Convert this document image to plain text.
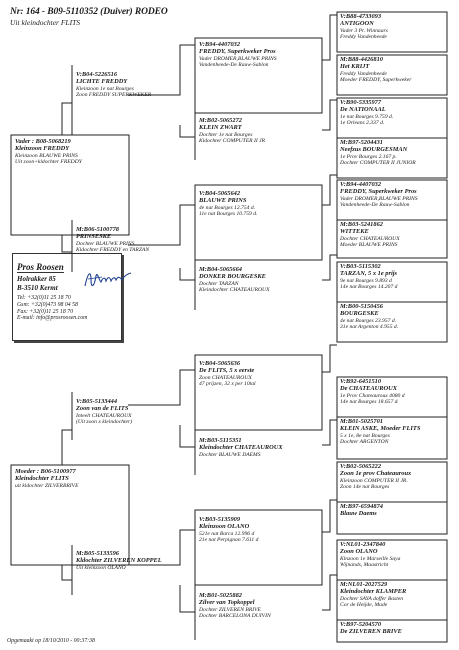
Nr: 164 - B09-5110352 (Duiver) RODEO
Uit kleindochter FLITS
Vader : B08-5068219
Kleinzoon FREDDY
Kleinzoon BLAUWE PRINS
Uit zoon+kldochter FREDDY
Moeder : B06-5100977
Kleindochter FLITS
uit kldochter ZILVERBRIVE
V:B04-5226516
LICHTE FREDDY
Kleinzoon 1e nat Bourges
Zoon FREDDY SUPERKWEKER
M:B06-5100778
PRINSESKE
Dochter BLAUWE PRINS
Kldochter FREDDY en TARZAN
V:B05-5133444
Zoon van de FLITS
Inteelt CHATEAUROUX
(Uit zoon x kleindochter)
M:B05-5133596
Kldochter ZILVEREN KOPPEL
Uit kleinzoon OLANO
V:B94-4407032
FREDDY, Superkweker Pros
Vader DROMER,BLAUWE PRINS
Vandenheede-De Rauw-Sablon
M:B02-5065272
KLEIN ZWART
Dochter 1e nat Bourges
Kldochter COMPUTER II JR
V:B04-5065642
BLAUWE PRINS
4e nat Bourges 12.754 d.
11e nat Bourges 10.759 d.
M:B04-5065664
DONKER BOURGESKE
Dochter TARZAN
Kleindochter CHATEAUROUX
V:B04-5065636
De FLITS, 5 x eerste
Zoon CHATEAUROUX
47 prijzen, 32 x per 10tal
M:B03-5115351
Kleindochter CHATEAUROUX
Dochter BLAUWE DAEMS
V:B03-5135909
Kleinzoon OLANO
521e nat Barca 12.996 d
21e nat Perpignan 7.611 d
M:B01-5025882
Zilver van Topkoppel
Dochter ZILVEREN BRIVE
Dochter BARCELONA DUIVIN
V:B88-4733093
ANTIGOON
Vader 3 Pr. Winnaars
Freddy Vandenheede
M:B88-4426810
Het KRIJT
Freddy Vandenheede
Moeder FREDDY, Superkweker
V:B90-5335977
De NATIONAAL
1e nat Bourges 9.759 d.
1e Orleans 2.337 d.
M:B97-5204431
Neefzus BOURGESMAN
1e Prov Bourges 2.167 p.
Dochter COMPUTER II JUNIOR
V:B94-4407032
FREDDY, Superkweker Pros
Vader DROMER,BLAUWE PRINS
Vandenheede-De Rauw-Sablon
M:B03-5241862
WITTEKE
Dochter CHATEAUROUX
Moeder BLAUWE PRINS
V:B03-5115302
TARZAN, 5 x 1e prijs
9e nat Bourges 9.893 d
14e nat Bourges 14.207 d
M:B00-5150456
BOURGESKE
4e nat Bourges 23.957 d.
31e nat Argenton 4.955 d.
V:B92-6451510
De CHATEAUROUX
1e Prov Chateauroux 4080 d
14e nat Bourges 18.657 d.
M:B01-5025701
KLEIN ASKE, Moeder FLITS
5 x 1e, 8e nat Bourges
Dochter ARGENTON
V:B02-5065222
Zoon 1e prov Chateauroux
Kleinzoon COMPUTER II JR.
Zoon 14e nat Bourges
M:B97-6594874
Blauw Daems
V:NL01-2347840
Zoon OLANO
Klnzoon 1e Marseille Saya
Wijnands, Maastricht
M:NL01-2027529
Kleindochter KLAMPER
Dochter SAYA doffer Basten
Cor de Heijde, Made
V:B97-5204570
De ZILVEREN BRIVE
Pros Roosen
Holrakker 85
B-3510 Kermt
Tel: +32(0)11 25 18 70
Gsm: +32(0)473 98 04 58
Fax: +32(0)11 25 18 70
E-mail: info@prosroosen.com
Opgemaakt op 18/10/2010 - 00:37:38
